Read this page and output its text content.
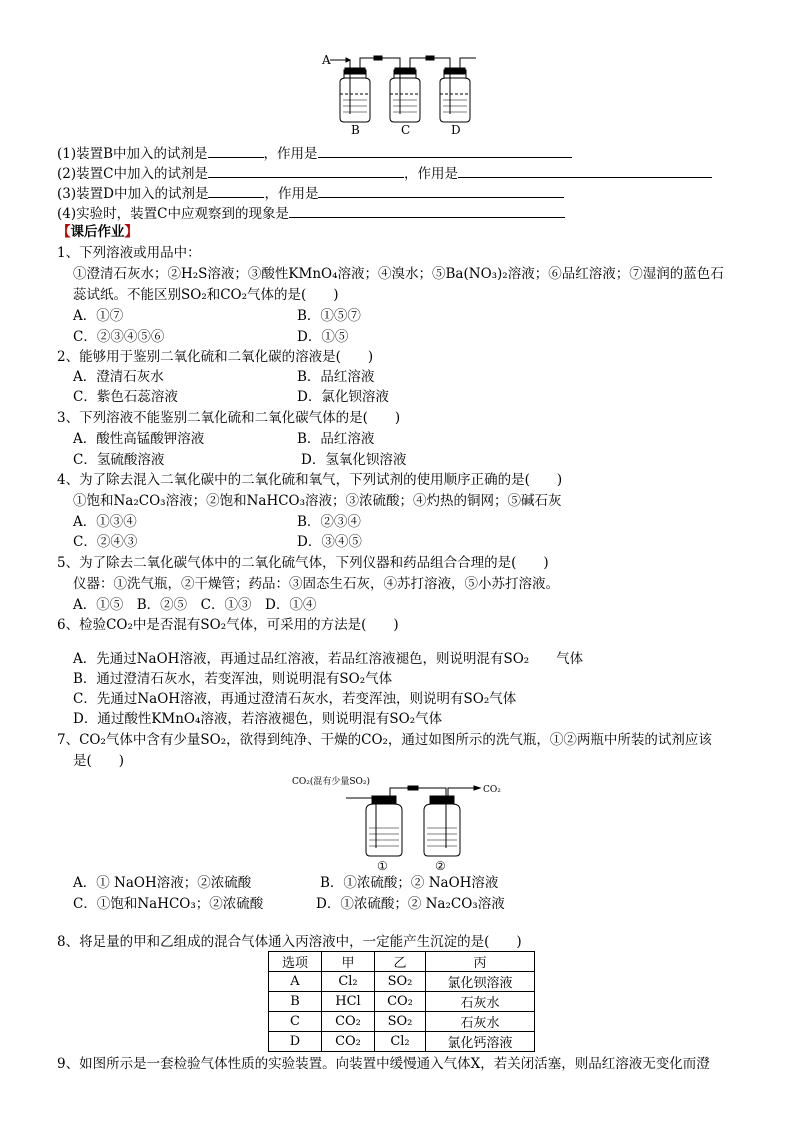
A
B	C	D
(1)装置B中加入的试剂是	，作用是
(2)装置C中加入的试剂是	，作用是
(3)装置D中加入的试剂是	，作用是
(4)实验时，装置C中应观察到的现象是
【课后作业】
1、下列溶液或用品中：
①澄清石灰水；②H₂S溶液；③酸性KMnO₄溶液；④溴水；⑤Ba(NO₃)₂溶液；⑥品红溶液；⑦湿润的蓝色石
蕊试纸。不能区别SO₂和CO₂气体的是(　　)
A．①⑦	B．①⑤⑦
C．②③④⑤⑥	D．①⑤
2、能够用于鉴别二氧化硫和二氧化碳的溶液是(　　)
A．澄清石灰水	B．品红溶液
C．紫色石蕊溶液	D．氯化钡溶液
3、下列溶液不能鉴别二氧化硫和二氧化碳气体的是(　　)
A．酸性高锰酸钾溶液	B．品红溶液
C．氢硫酸溶液	D．氢氧化钡溶液
4、为了除去混入二氧化碳中的二氧化硫和氧气，下列试剂的使用顺序正确的是(　　)
①饱和Na₂CO₃溶液；②饱和NaHCO₃溶液；③浓硫酸；④灼热的铜网；⑤碱石灰
A．①③④	B．②③④
C．②④③	D．③④⑤
5、为了除去二氧化碳气体中的二氧化硫气体，下列仪器和药品组合合理的是(　　)
仪器：①洗气瓶，②干燥管；药品：③固态生石灰，④苏打溶液，⑤小苏打溶液。
A．①⑤　B．②⑤　C．①③　D．①④
6、检验CO₂中是否混有SO₂气体，可采用的方法是(　　)
A．先通过NaOH溶液，再通过品红溶液，若品红溶液褪色，则说明混有SO₂　　气体
B．通过澄清石灰水，若变浑浊，则说明混有SO₂气体
C．先通过NaOH溶液，再通过澄清石灰水，若变浑浊，则说明有SO₂气体
D．通过酸性KMnO₄溶液，若溶液褪色，则说明混有SO₂气体
7、CO₂气体中含有少量SO₂，欲得到纯净、干燥的CO₂，通过如图所示的洗气瓶，①②两瓶中所装的试剂应该
是(　　)
CO₂(混有少量SO₂)
CO₂
①	②
A．① NaOH溶液；②浓硫酸	B．①浓硫酸；② NaOH溶液
C．①饱和NaHCO₃；②浓硫酸	D．①浓硫酸；② Na₂CO₃溶液
8、将足量的甲和乙组成的混合气体通入丙溶液中，一定能产生沉淀的是(　　)
选项	甲	乙	丙
A	Cl₂	SO₂	氯化钡溶液
B	HCl	CO₂	石灰水
C	CO₂	SO₂	石灰水
D	CO₂	Cl₂	氯化钙溶液
9、如图所示是一套检验气体性质的实验装置。向装置中缓慢通入气体X，若关闭活塞，则品红溶液无变化而澄
